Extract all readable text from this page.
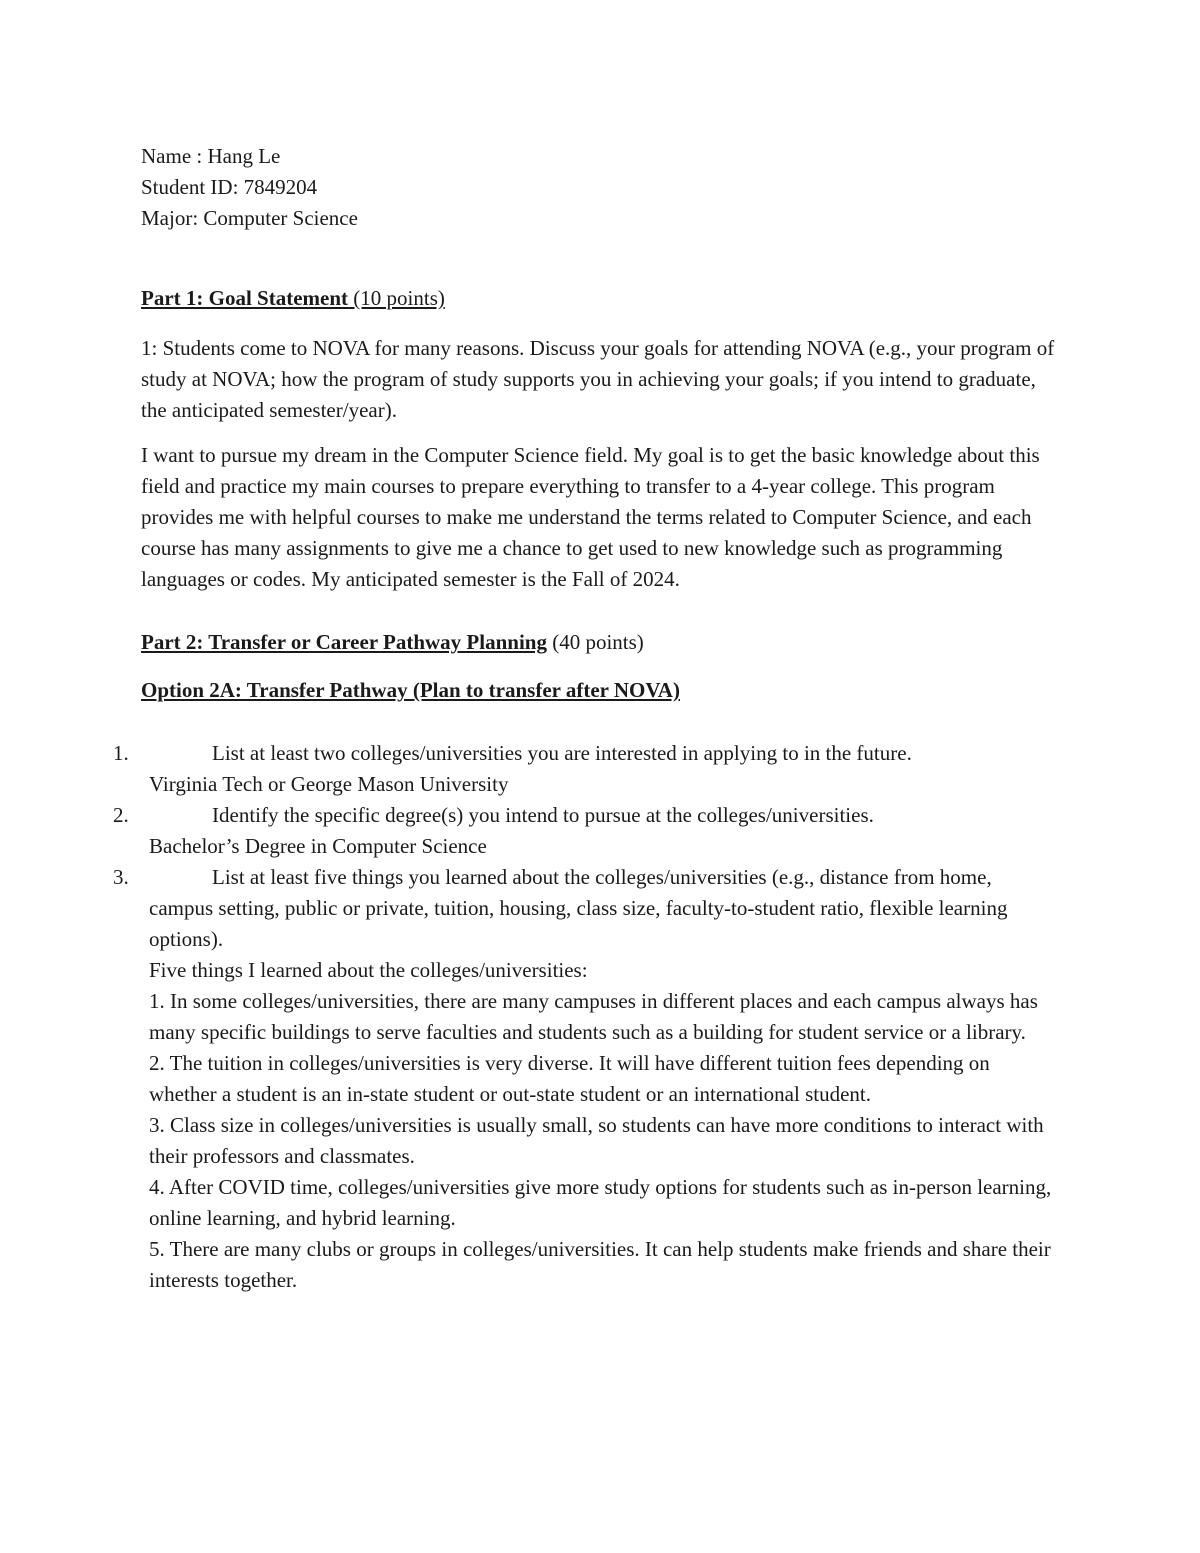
Name : Hang Le

Student ID: 7849204

Major: Computer Science

Part 1: Goal Statement (10 points)

1: Students come to NOVA for many reasons. Discuss your goals for attending NOVA (e.g., your program of study at NOVA; how the program of study supports you in achieving your goals; if you intend to graduate, the anticipated semester/year).

I want to pursue my dream in the Computer Science field. My goal is to get the basic knowledge about this field and practice my main courses to prepare everything to transfer to a 4-year college. This program provides me with helpful courses to make me understand the terms related to Computer Science, and each course has many assignments to give me a chance to get used to new knowledge such as programming languages or codes. My anticipated semester is the Fall of 2024.

Part 2: Transfer or Career Pathway Planning (40 points)

Option 2A: Transfer Pathway (Plan to transfer after NOVA)

1.	List at least two colleges/universities you are interested in applying to in the future.
Virginia Tech or George Mason University
2.	Identify the specific degree(s) you intend to pursue at the colleges/universities.
Bachelor’s Degree in Computer Science
3.	List at least five things you learned about the colleges/universities (e.g., distance from home, campus setting, public or private, tuition, housing, class size, faculty-to-student ratio, flexible learning options).
Five things I learned about the colleges/universities:
1. In some colleges/universities, there are many campuses in different places and each campus always has many specific buildings to serve faculties and students such as a building for student service or a library.
2. The tuition in colleges/universities is very diverse. It will have different tuition fees depending on whether a student is an in-state student or out-state student or an international student.
3. Class size in colleges/universities is usually small, so students can have more conditions to interact with their professors and classmates.
4. After COVID time, colleges/universities give more study options for students such as in-person learning, online learning, and hybrid learning.
5. There are many clubs or groups in colleges/universities. It can help students make friends and share their interests together.
